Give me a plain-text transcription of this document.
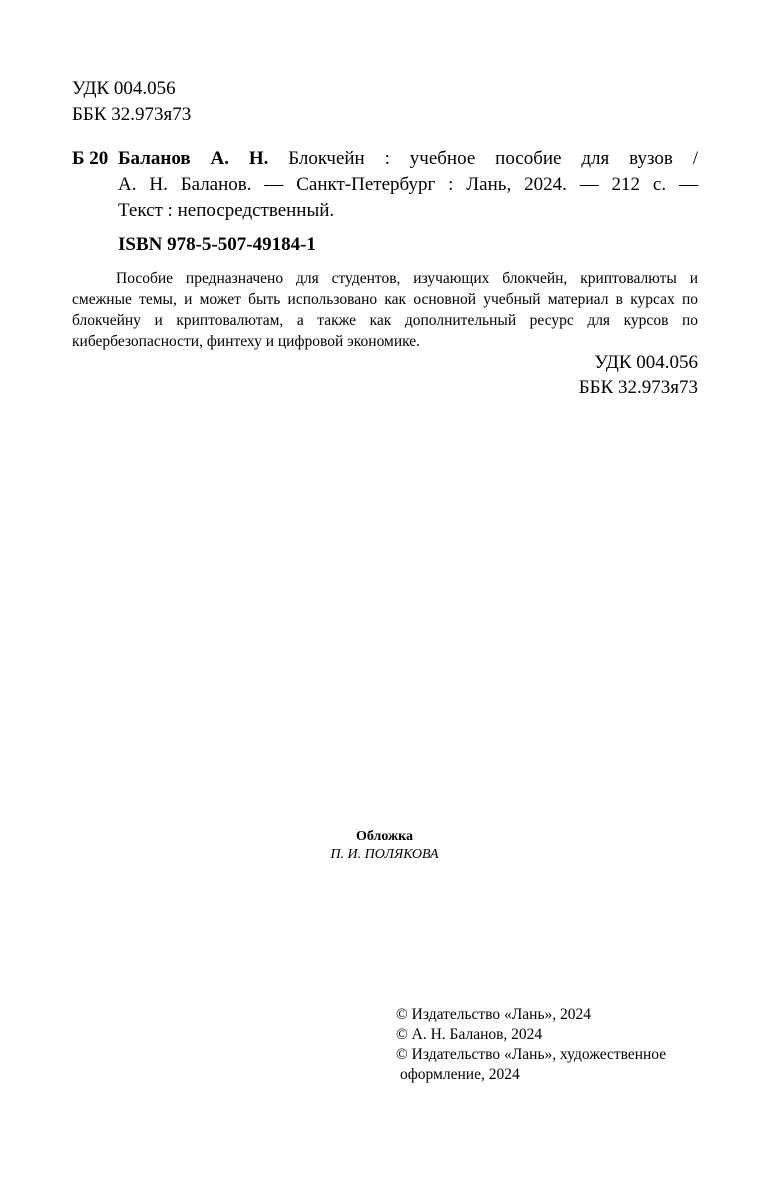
УДК 004.056
ББК 32.973я73
Б 20 Баланов А. Н. Блокчейн : учебное пособие для вузов /
А. Н. Баланов. — Санкт-Петербург : Лань, 2024. — 212 с. —
Текст : непосредственный.
ISBN 978-5-507-49184-1
Пособие предназначено для студентов, изучающих блокчейн, криптовалюты и смежные темы, и может быть использовано как основной учебный материал в курсах по блокчейну и криптовалютам, а также как дополнительный ресурс для курсов по кибербезопасности, финтеху и цифровой экономике.
УДК 004.056
ББК 32.973я73
Обложка
П. И. ПОЛЯКОВА
© Издательство «Лань», 2024
© А. Н. Баланов, 2024
© Издательство «Лань», художественное
оформление, 2024
